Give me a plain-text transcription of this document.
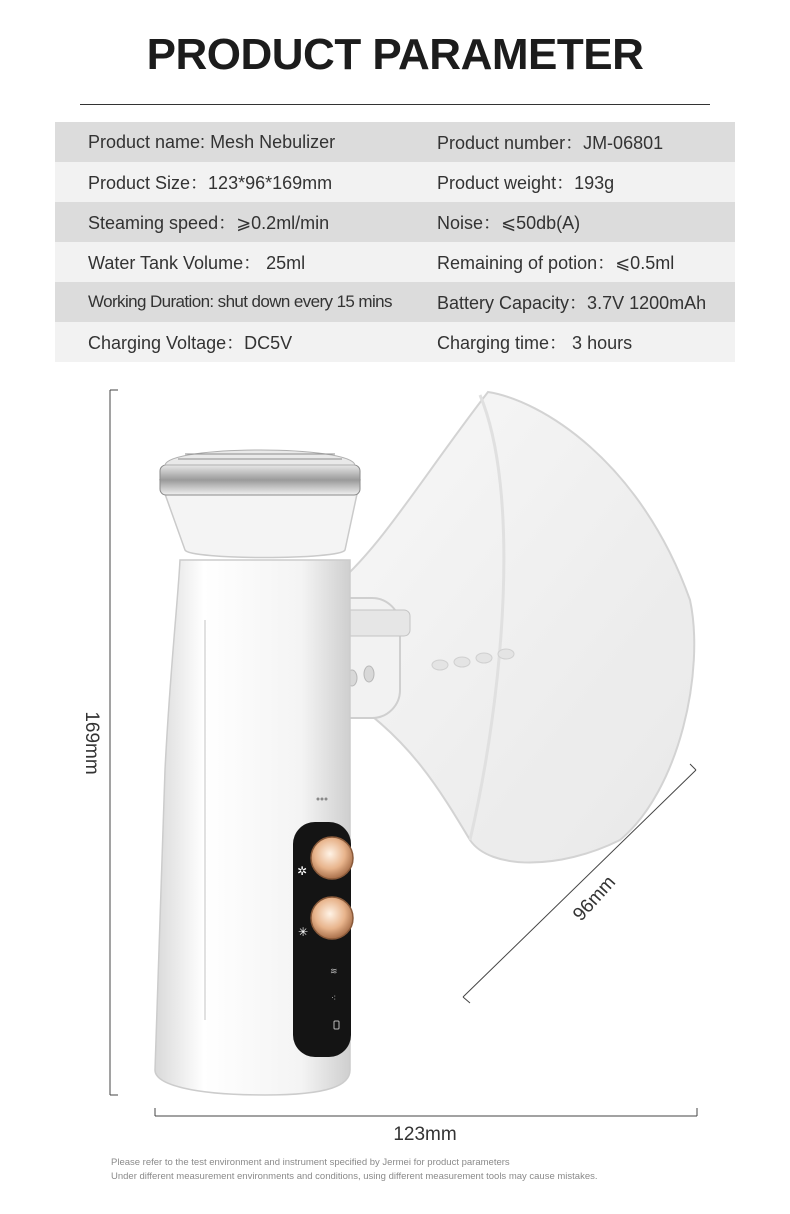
PRODUCT PARAMETER
Product name: Mesh Nebulizer	Product number：JM-06801
Product Size：123*96*169mm	Product weight：193g
Steaming speed：⩾0.2ml/min	Noise：⩽50db(A)
Water Tank Volume： 25ml	Remaining of potion：⩽0.5ml
Working Duration: shut down every 15 mins	Battery Capacity：3.7V 1200mAh
Charging Voltage：DC5V	Charging time： 3 hours
✲
✳
≋
⁖
169mm
96mm
123mm
Please refer to the test environment and instrument specified by Jermei for product parameters
Under different measurement environments and conditions, using different measurement tools may cause mistakes.
